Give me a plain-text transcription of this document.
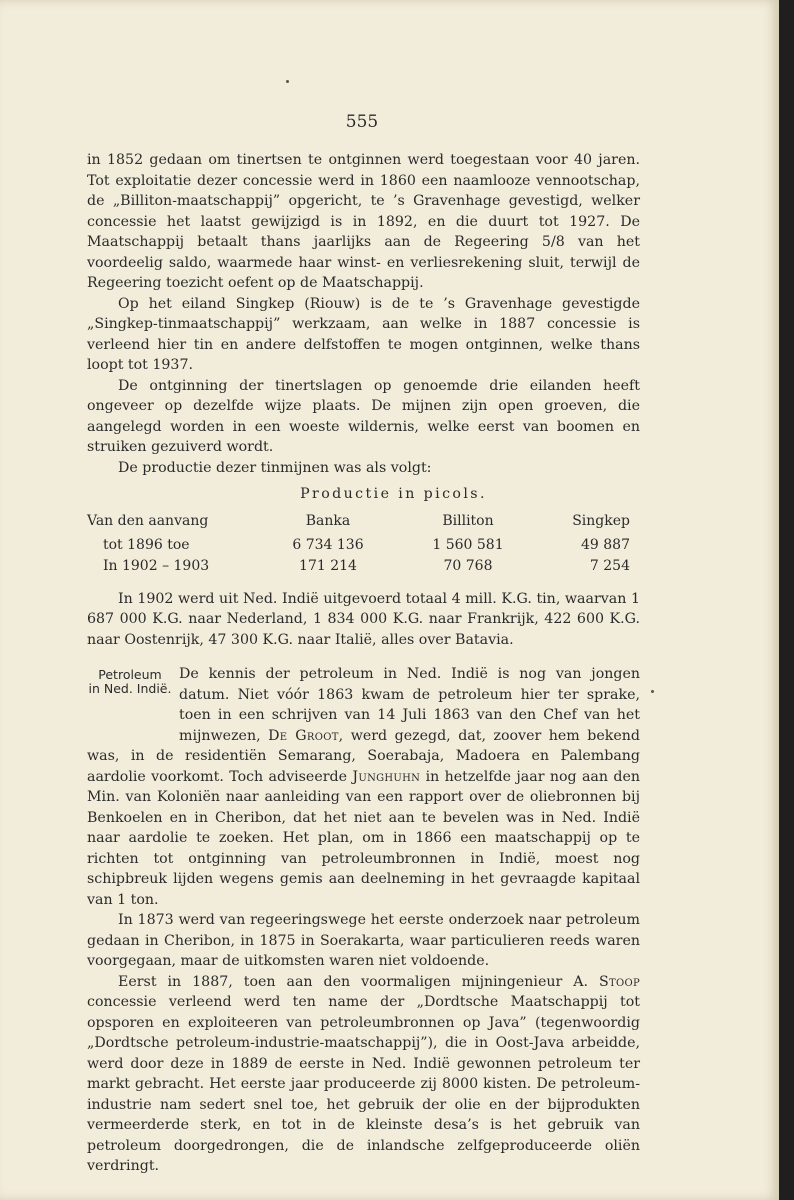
555

in 1852 gedaan om tinertsen te ontginnen werd toegestaan voor 40 jaren. Tot exploitatie dezer concessie werd in 1860 een naamlooze vennootschap, de „Billiton-maatschappij” opgericht, te ’s Gravenhage gevestigd, welker concessie het laatst gewijzigd is in 1892, en die duurt tot 1927. De Maatschappij betaalt thans jaarlijks aan de Regeering 5/8 van het voordeelig saldo, waarmede haar winst- en verliesrekening sluit, terwijl de Regeering toezicht oefent op de Maatschappij.

Op het eiland Singkep (Riouw) is de te ’s Gravenhage gevestigde „Singkep-tinmaatschappij” werkzaam, aan welke in 1887 concessie is verleend hier tin en andere delfstoffen te mogen ontginnen, welke thans loopt tot 1937.

De ontginning der tinertslagen op genoemde drie eilanden heeft ongeveer op dezelfde wijze plaats. De mijnen zijn open groeven, die aangelegd worden in een woeste wildernis, welke eerst van boomen en struiken gezuiverd wordt.

De productie dezer tinmijnen was als volgt:

Productie in picols.
Van den aanvang	Banka	Billiton	Singkep
tot 1896 toe	6 734 136	1 560 581	49 887
In 1902 – 1903	171 214	70 768	7 254

In 1902 werd uit Ned. Indië uitgevoerd totaal 4 mill. K.G. tin, waarvan 1 687 000 K.G. naar Nederland, 1 834 000 K.G. naar Frankrijk, 422 600 K.G. naar Oostenrijk, 47 300 K.G. naar Italië, alles over Batavia.

Petroleum
in Ned. Indië.

De kennis der petroleum in Ned. Indië is nog van jongen datum. Niet vóór 1863 kwam de petroleum hier ter sprake, toen in een schrijven van 14 Juli 1863 van den Chef van het mijnwezen, De Groot, werd gezegd, dat, zoover hem bekend was, in de residentiën Semarang, Soerabaja, Madoera en Palembang aardolie voorkomt. Toch adviseerde Junghuhn in hetzelfde jaar nog aan den Min. van Koloniën naar aanleiding van een rapport over de oliebronnen bij Benkoelen en in Cheribon, dat het niet aan te bevelen was in Ned. Indië naar aardolie te zoeken. Het plan, om in 1866 een maatschappij op te richten tot ontginning van petroleumbronnen in Indië, moest nog schipbreuk lijden wegens gemis aan deelneming in het gevraagde kapitaal van 1 ton.

In 1873 werd van regeeringswege het eerste onderzoek naar petroleum gedaan in Cheribon, in 1875 in Soerakarta, waar particulieren reeds waren voorgegaan, maar de uitkomsten waren niet voldoende.

Eerst in 1887, toen aan den voormaligen mijningenieur A. Stoop concessie verleend werd ten name der „Dordtsche Maatschappij tot opsporen en exploiteeren van petroleumbronnen op Java” (tegenwoordig „Dordtsche petroleum-industrie-maatschappij”), die in Oost-Java arbeidde, werd door deze in 1889 de eerste in Ned. Indië gewonnen petroleum ter markt gebracht. Het eerste jaar produceerde zij 8000 kisten. De petroleum-industrie nam sedert snel toe, het gebruik der olie en der bijprodukten vermeerderde sterk, en tot in de kleinste desa’s is het gebruik van petroleum doorgedrongen, die de inlandsche zelfgeproduceerde oliën verdringt.
